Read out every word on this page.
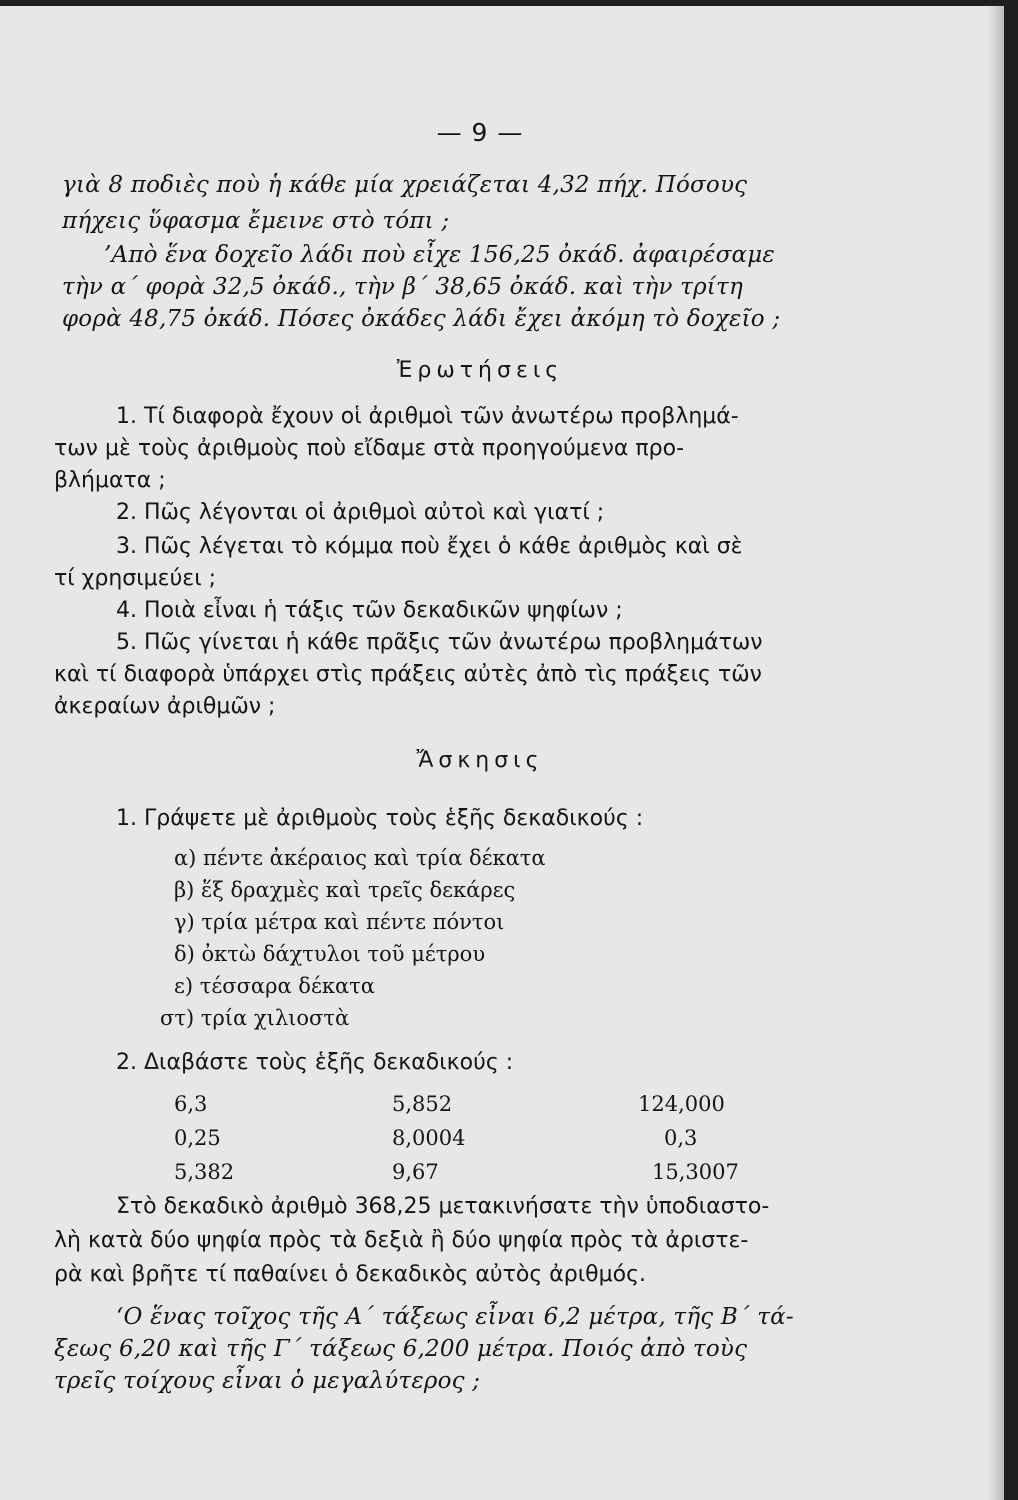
— 9 —
γιὰ 8 ποδιὲς ποὺ ἡ κάθε μία χρειάζεται 4,32 πήχ. Πόσους
πήχεις ὕφασμα ἔμεινε στὸ τόπι ;
’Απὸ ἕνα δοχεῖο λάδι ποὺ εἶχε 156,25 ὀκάδ. ἀφαιρέσαμε
τὴν α΄ φορὰ 32,5 ὀκάδ., τὴν β΄ 38,65 ὀκάδ. καὶ τὴν τρίτη
φορὰ 48,75 ὀκάδ. Πόσες ὀκάδες λάδι ἔχει ἀκόμη τὸ δοχεῖο ;
Ἐρωτήσεις
1. Τί διαφορὰ ἔχουν οἱ ἀριθμοὶ τῶν ἀνωτέρω προβλημά-
των μὲ τοὺς ἀριθμοὺς ποὺ εἴδαμε στὰ προηγούμενα προ-
βλήματα ;
2. Πῶς λέγονται οἱ ἀριθμοὶ αὐτοὶ καὶ γιατί ;
3. Πῶς λέγεται τὸ κόμμα ποὺ ἔχει ὁ κάθε ἀριθμὸς καὶ σὲ
τί χρησιμεύει ;
4. Ποιὰ εἶναι ἡ τάξις τῶν δεκαδικῶν ψηφίων ;
5. Πῶς γίνεται ἡ κάθε πρᾶξις τῶν ἀνωτέρω προβλημάτων
καὶ τί διαφορὰ ὑπάρχει στὶς πράξεις αὐτὲς ἀπὸ τὶς πράξεις τῶν
ἀκεραίων ἀριθμῶν ;
Ἄσκησις
1. Γράψετε μὲ ἀριθμοὺς τοὺς ἑξῆς δεκαδικούς :
α) πέντε ἀκέραιος καὶ τρία δέκατα
β) ἕξ δραχμὲς καὶ τρεῖς δεκάρες
γ) τρία μέτρα καὶ πέντε πόντοι
δ) ὀκτὼ δάχτυλοι τοῦ μέτρου
ε) τέσσαρα δέκατα
στ) τρία χιλιοστὰ
2. Διαβάστε τοὺς ἑξῆς δεκαδικούς :
6,3	5,852	124,000
0,25	8,0004	0,3
5,382	9,67	15,3007
Στὸ δεκαδικὸ ἀριθμὸ 368,25 μετακινήσατε τὴν ὑποδιαστο-
λὴ κατὰ δύο ψηφία πρὸς τὰ δεξιὰ ἢ δύο ψηφία πρὸς τὰ ἀριστε-
ρὰ καὶ βρῆτε τί παθαίνει ὁ δεκαδικὸς αὐτὸς ἀριθμός.
‘Ο ἕνας τοῖχος τῆς Α΄ τάξεως εἶναι 6,2 μέτρα, τῆς Β΄ τά-
ξεως 6,20 καὶ τῆς Γ΄ τάξεως 6,200 μέτρα. Ποιός ἀπὸ τοὺς
τρεῖς τοίχους εἶναι ὁ μεγαλύτερος ;
